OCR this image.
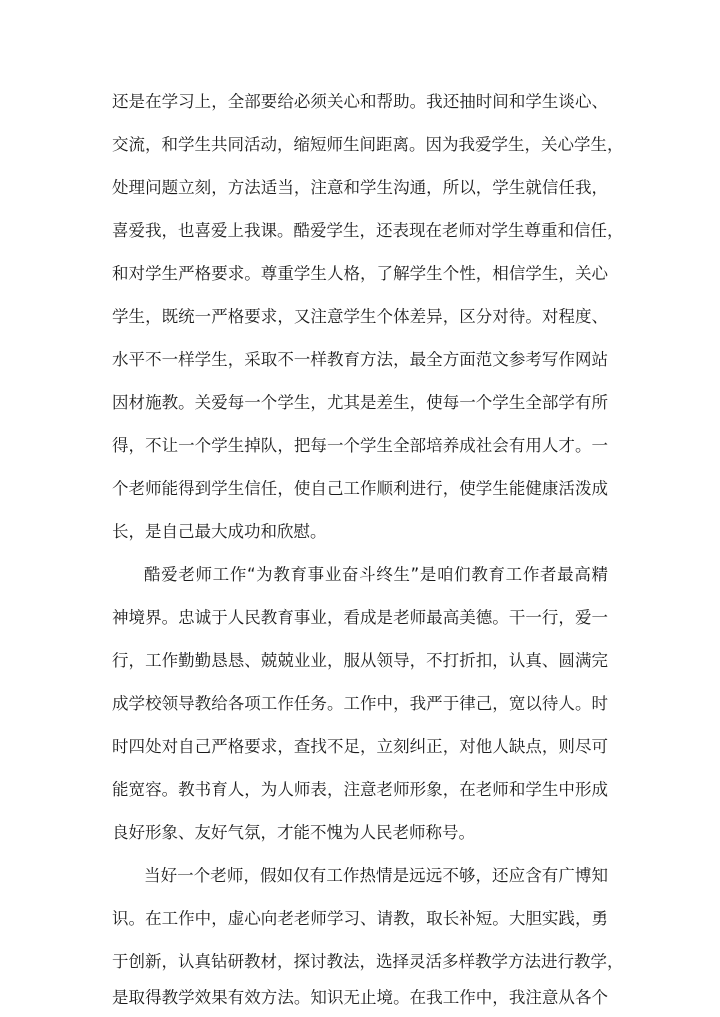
还是在学习上，全部要给必须关心和帮助。我还抽时间和学生谈心、
交流，和学生共同活动，缩短师生间距离。因为我爱学生，关心学生，
处理问题立刻，方法适当，注意和学生沟通，所以，学生就信任我，
喜爱我，也喜爱上我课。酷爱学生，还表现在老师对学生尊重和信任，
和对学生严格要求。尊重学生人格，了解学生个性，相信学生，关心
学生，既统一严格要求，又注意学生个体差异，区分对待。对程度、
水平不一样学生，采取不一样教育方法，最全方面范文参考写作网站
因材施教。关爱每一个学生，尤其是差生，使每一个学生全部学有所
得，不让一个学生掉队，把每一个学生全部培养成社会有用人才。一
个老师能得到学生信任，使自己工作顺利进行，使学生能健康活泼成
长，是自己最大成功和欣慰。
酷爱老师工作“为教育事业奋斗终生”是咱们教育工作者最高精
神境界。忠诚于人民教育事业，看成是老师最高美德。干一行，爱一
行，工作勤勤恳恳、兢兢业业，服从领导，不打折扣，认真、圆满完
成学校领导教给各项工作任务。工作中，我严于律己，宽以待人。时
时四处对自己严格要求，查找不足，立刻纠正，对他人缺点，则尽可
能宽容。教书育人，为人师表，注意老师形象，在老师和学生中形成
良好形象、友好气氛，才能不愧为人民老师称号。
当好一个老师，假如仅有工作热情是远远不够，还应含有广博知
识。在工作中，虚心向老老师学习、请教，取长补短。大胆实践，勇
于创新，认真钻研教材，探讨教法，选择灵活多样教学方法进行教学，
是取得教学效果有效方法。知识无止境。在我工作中，我注意从各个
